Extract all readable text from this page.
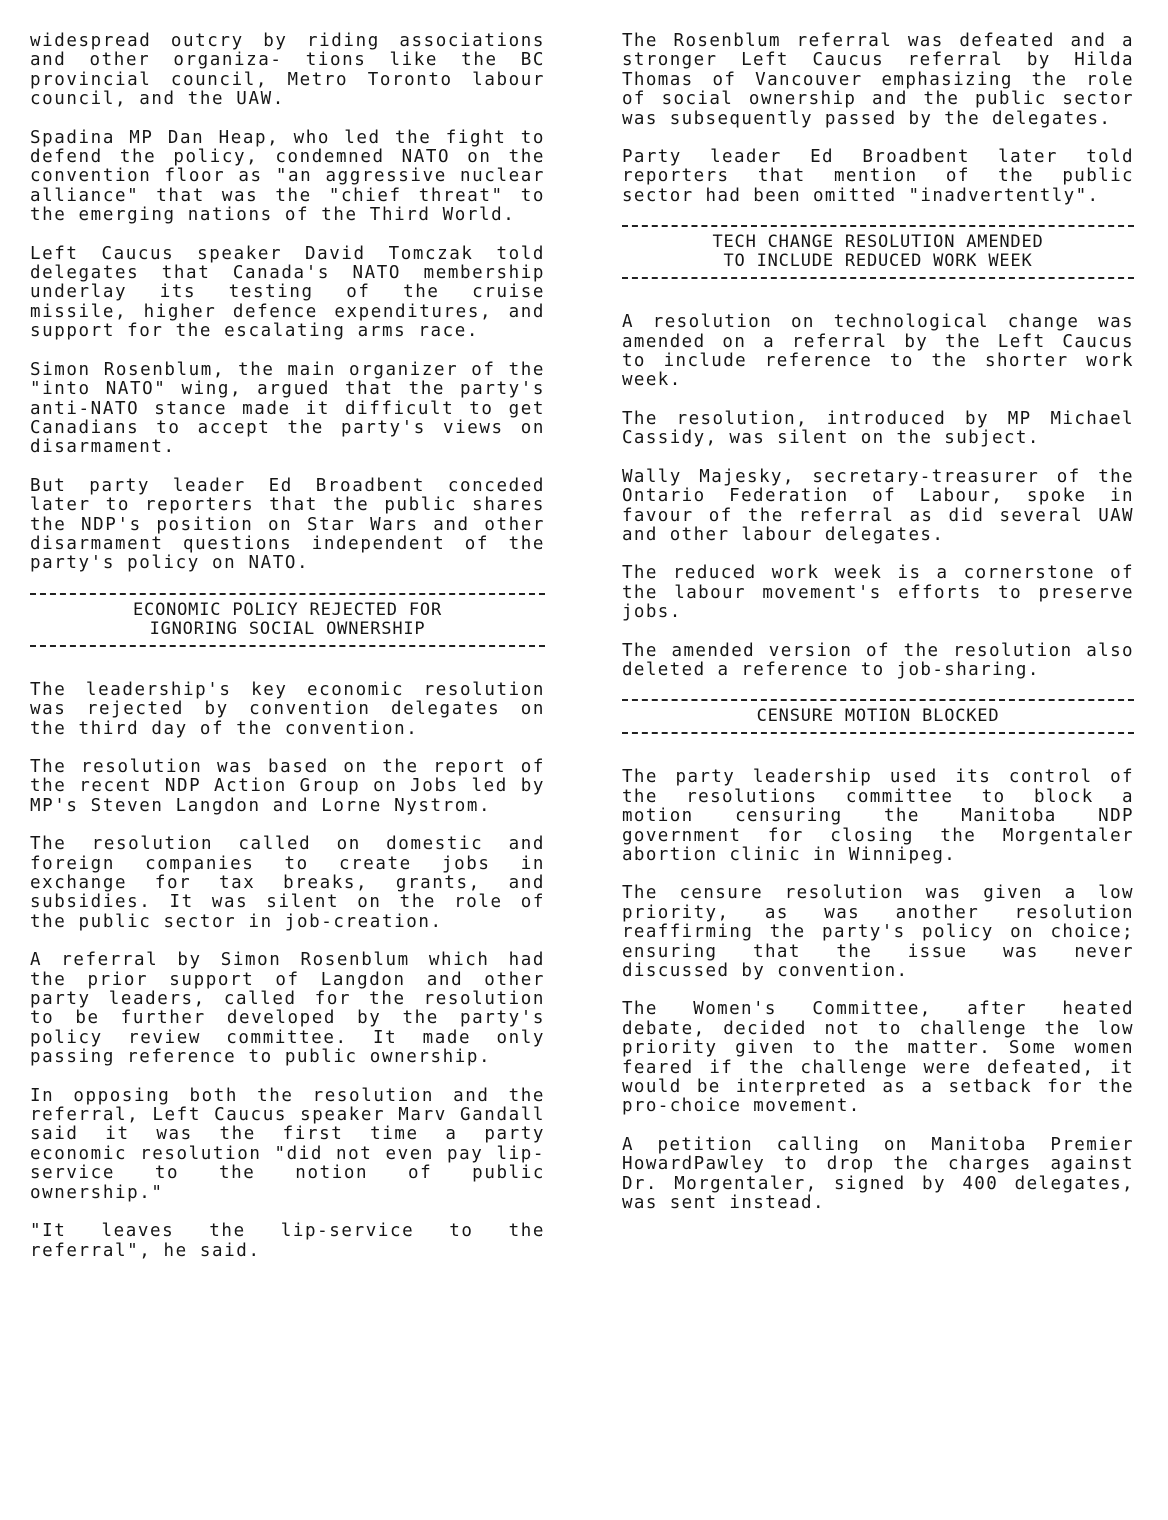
widespread outcry by riding associations and other organiza- tions like the BC provincial council, Metro Toronto labour council, and the UAW.

Spadina MP Dan Heap, who led the fight to defend the policy, condemned NATO on the convention floor as "an aggressive nuclear alliance" that was the "chief threat" to the emerging nations of the Third World.

Left Caucus speaker David Tomczak told delegates that Canada's NATO membership underlay its testing of the cruise missile, higher defence expenditures, and support for the escalating arms race.

Simon Rosenblum, the main organizer of the "into NATO" wing, argued that the party's anti-NATO stance made it difficult to get Canadians to accept the party's views on disarmament.

But party leader Ed Broadbent conceded later to reporters that the public shares the NDP's position on Star Wars and other disarmament questions independent of the party's policy on NATO.

ECONOMIC POLICY REJECTED FOR
IGNORING SOCIAL OWNERSHIP

The leadership's key economic resolution was rejected by convention delegates on the third day of the convention.

The resolution was based on the report of the recent NDP Action Group on Jobs led by MP's Steven Langdon and Lorne Nystrom.

The resolution called on domestic and foreign companies to create jobs in exchange for tax breaks, grants, and subsidies. It was silent on the role of the public sector in job-creation.

A referral by Simon Rosenblum which had the prior support of Langdon and other party leaders, called for the resolution to be further developed by the party's policy review committee. It made only passing reference to public ownership.

In opposing both the resolution and the referral, Left Caucus speaker Marv Gandall said it was the first time a party economic resolution "did not even pay lip- service to the notion of public ownership."

"It leaves the lip-service to the referral", he said.

The Rosenblum referral was defeated and a stronger Left Caucus referral by Hilda Thomas of Vancouver emphasizing the role of social ownership and the public sector was subsequently passed by the delegates.

Party leader Ed Broadbent later told reporters that mention of the public sector had been omitted "inadvertently".

TECH CHANGE RESOLUTION AMENDED
TO INCLUDE REDUCED WORK WEEK

A resolution on technological change was amended on a referral by the Left Caucus to include reference to the shorter work week.

The resolution, introduced by MP Michael Cassidy, was silent on the subject.

Wally Majesky, secretary-treasurer of the Ontario Federation of Labour, spoke in favour of the referral as did several UAW and other labour delegates.

The reduced work week is a cornerstone of the labour movement's efforts to preserve jobs.

The amended version of the resolution also deleted a reference to job-sharing.

CENSURE MOTION BLOCKED

The party leadership used its control of the resolutions committee to block a motion censuring the Manitoba NDP government for closing the Morgentaler abortion clinic in Winnipeg.

The censure resolution was given a low priority, as was another resolution reaffirming the party's policy on choice; ensuring that the issue was never discussed by convention.

The Women's Committee, after heated debate, decided not to challenge the low priority given to the matter. Some women feared if the challenge were defeated, it would be interpreted as a setback for the pro-choice movement.

A petition calling on Manitoba Premier HowardPawley to drop the charges against Dr. Morgentaler, signed by 400 delegates, was sent instead.
